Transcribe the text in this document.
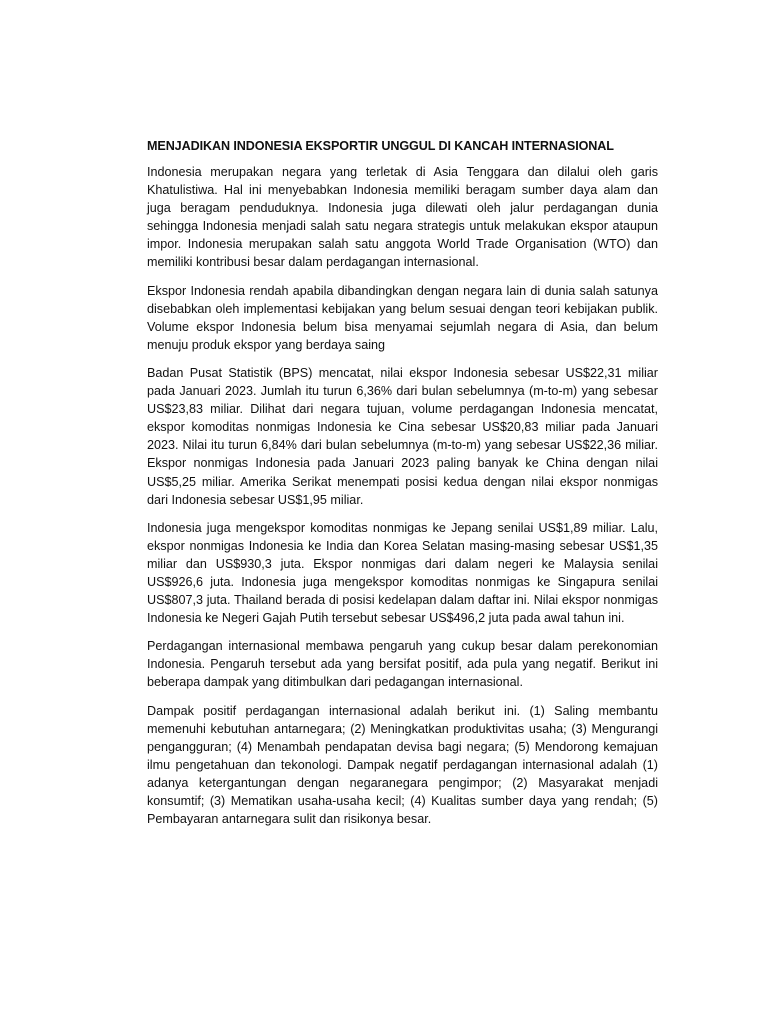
MENJADIKAN INDONESIA EKSPORTIR UNGGUL DI KANCAH INTERNASIONAL

Indonesia merupakan negara yang terletak di Asia Tenggara dan dilalui oleh garis Khatulistiwa. Hal ini menyebabkan Indonesia memiliki beragam sumber daya alam dan juga beragam penduduknya. Indonesia juga dilewati oleh jalur perdagangan dunia sehingga Indonesia menjadi salah satu negara strategis untuk melakukan ekspor ataupun impor. Indonesia merupakan salah satu anggota World Trade Organisation (WTO) dan memiliki kontribusi besar dalam perdagangan internasional.

Ekspor Indonesia rendah apabila dibandingkan dengan negara lain di dunia salah satunya disebabkan oleh implementasi kebijakan yang belum sesuai dengan teori kebijakan publik. Volume ekspor Indonesia belum bisa menyamai sejumlah negara di Asia, dan belum menuju produk ekspor yang berdaya saing

Badan Pusat Statistik (BPS) mencatat, nilai ekspor Indonesia sebesar US$22,31 miliar pada Januari 2023. Jumlah itu turun 6,36% dari bulan sebelumnya (m-to-m) yang sebesar US$23,83 miliar. Dilihat dari negara tujuan, volume perdagangan Indonesia mencatat, ekspor komoditas nonmigas Indonesia ke Cina sebesar US$20,83 miliar pada Januari 2023. Nilai itu turun 6,84% dari bulan sebelumnya (m-to-m) yang sebesar US$22,36 miliar. Ekspor nonmigas Indonesia pada Januari 2023 paling banyak ke China dengan nilai US$5,25 miliar. Amerika Serikat menempati posisi kedua dengan nilai ekspor nonmigas dari Indonesia sebesar US$1,95 miliar.

Indonesia juga mengekspor komoditas nonmigas ke Jepang senilai US$1,89 miliar. Lalu, ekspor nonmigas Indonesia ke India dan Korea Selatan masing-masing sebesar US$1,35 miliar dan US$930,3 juta. Ekspor nonmigas dari dalam negeri ke Malaysia senilai US$926,6 juta. Indonesia juga mengekspor komoditas nonmigas ke Singapura senilai US$807,3 juta. Thailand berada di posisi kedelapan dalam daftar ini. Nilai ekspor nonmigas Indonesia ke Negeri Gajah Putih tersebut sebesar US$496,2 juta pada awal tahun ini.

Perdagangan internasional membawa pengaruh yang cukup besar dalam perekonomian Indonesia. Pengaruh tersebut ada yang bersifat positif, ada pula yang negatif. Berikut ini beberapa dampak yang ditimbulkan dari pedagangan internasional.

Dampak positif perdagangan internasional adalah berikut ini. (1) Saling membantu memenuhi kebutuhan antarnegara; (2) Meningkatkan produktivitas usaha; (3) Mengurangi pengangguran; (4) Menambah pendapatan devisa bagi negara; (5) Mendorong kemajuan ilmu pengetahuan dan tekonologi. Dampak negatif perdagangan internasional adalah (1) adanya ketergantungan dengan negaranegara pengimpor; (2) Masyarakat menjadi konsumtif; (3) Mematikan usaha-usaha kecil; (4) Kualitas sumber daya yang rendah; (5) Pembayaran antarnegara sulit dan risikonya besar.
